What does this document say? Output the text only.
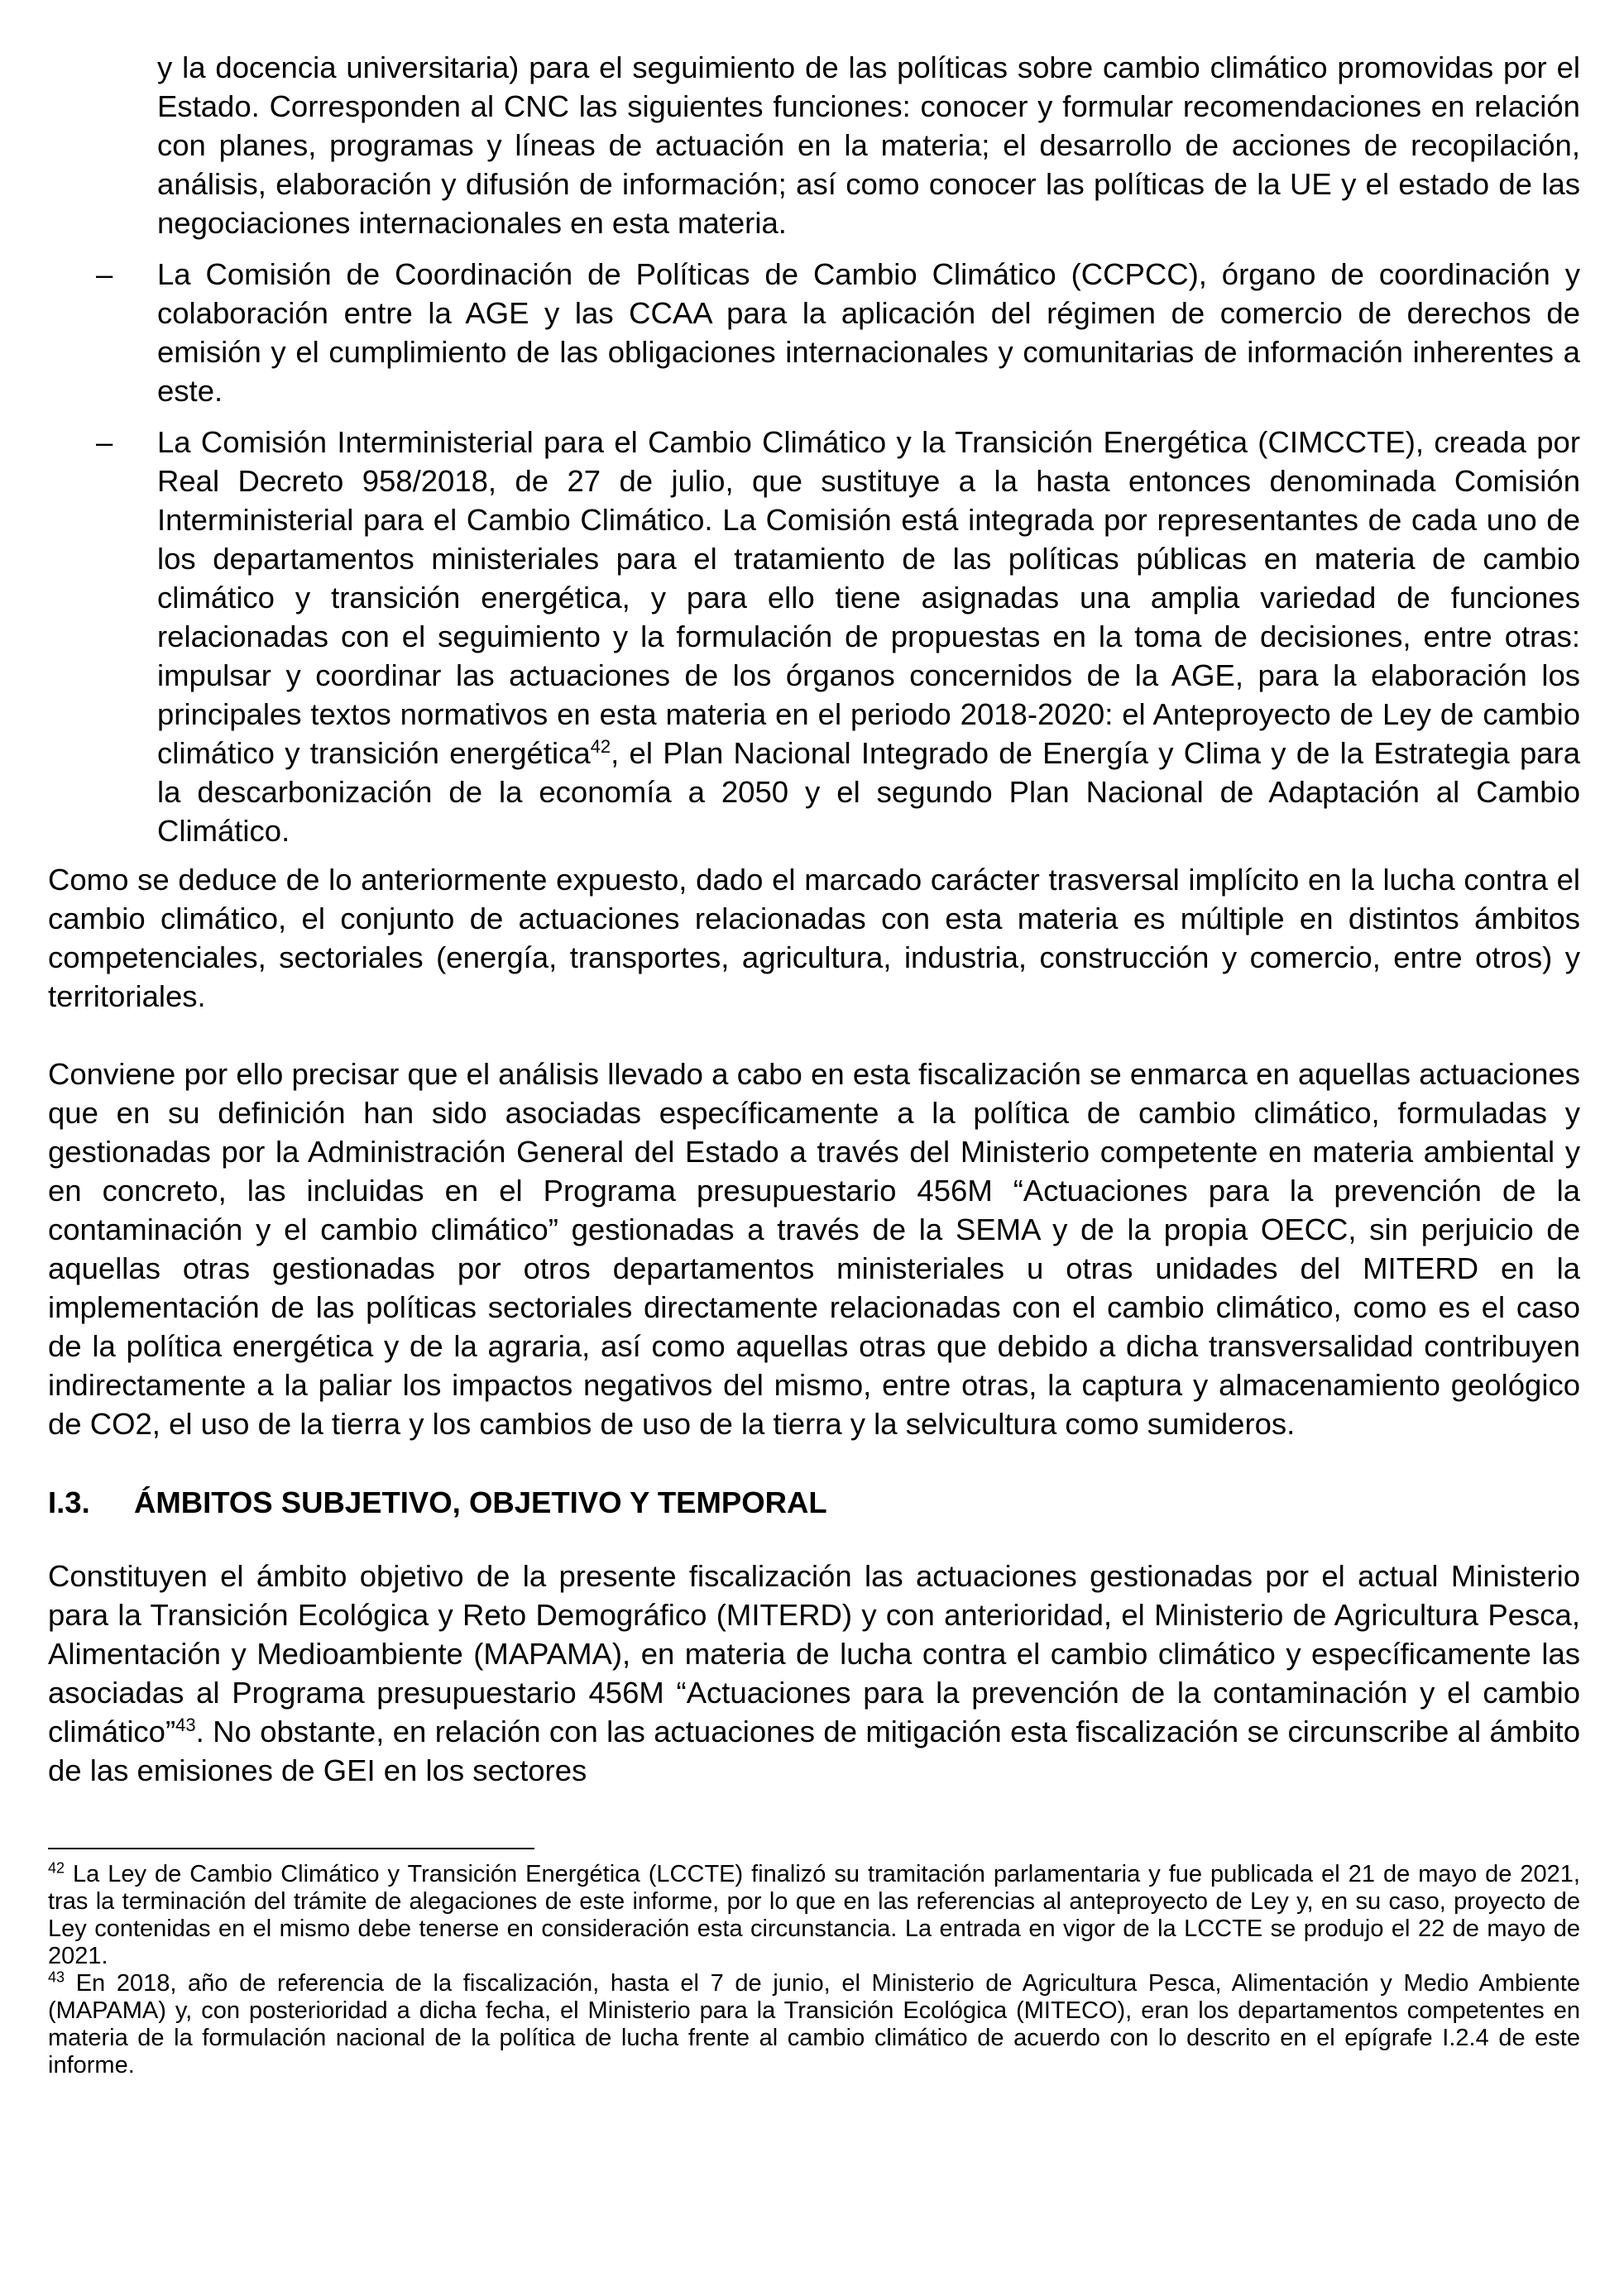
y la docencia universitaria) para el seguimiento de las políticas sobre cambio climático promovidas por el Estado. Corresponden al CNC las siguientes funciones: conocer y formular recomendaciones en relación con planes, programas y líneas de actuación en la materia; el desarrollo de acciones de recopilación, análisis, elaboración y difusión de información; así como conocer las políticas de la UE y el estado de las negociaciones internacionales en esta materia.

– La Comisión de Coordinación de Políticas de Cambio Climático (CCPCC), órgano de coordinación y colaboración entre la AGE y las CCAA para la aplicación del régimen de comercio de derechos de emisión y el cumplimiento de las obligaciones internacionales y comunitarias de información inherentes a este.

– La Comisión Interministerial para el Cambio Climático y la Transición Energética (CIMCCTE), creada por Real Decreto 958/2018, de 27 de julio, que sustituye a la hasta entonces denominada Comisión Interministerial para el Cambio Climático. La Comisión está integrada por representantes de cada uno de los departamentos ministeriales para el tratamiento de las políticas públicas en materia de cambio climático y transición energética, y para ello tiene asignadas una amplia variedad de funciones relacionadas con el seguimiento y la formulación de propuestas en la toma de decisiones, entre otras: impulsar y coordinar las actuaciones de los órganos concernidos de la AGE, para la elaboración los principales textos normativos en esta materia en el periodo 2018-2020: el Anteproyecto de Ley de cambio climático y transición energética$^{42}$, el Plan Nacional Integrado de Energía y Clima y de la Estrategia para la descarbonización de la economía a 2050 y el segundo Plan Nacional de Adaptación al Cambio Climático.

Como se deduce de lo anteriormente expuesto, dado el marcado carácter trasversal implícito en la lucha contra el cambio climático, el conjunto de actuaciones relacionadas con esta materia es múltiple en distintos ámbitos competenciales, sectoriales (energía, transportes, agricultura, industria, construcción y comercio, entre otros) y territoriales.

Conviene por ello precisar que el análisis llevado a cabo en esta fiscalización se enmarca en aquellas actuaciones que en su definición han sido asociadas específicamente a la política de cambio climático, formuladas y gestionadas por la Administración General del Estado a través del Ministerio competente en materia ambiental y en concreto, las incluidas en el Programa presupuestario 456M “Actuaciones para la prevención de la contaminación y el cambio climático” gestionadas a través de la SEMA y de la propia OECC, sin perjuicio de aquellas otras gestionadas por otros departamentos ministeriales u otras unidades del MITERD en la implementación de las políticas sectoriales directamente relacionadas con el cambio climático, como es el caso de la política energética y de la agraria, así como aquellas otras que debido a dicha transversalidad contribuyen indirectamente a la paliar los impactos negativos del mismo, entre otras, la captura y almacenamiento geológico de CO2, el uso de la tierra y los cambios de uso de la tierra y la selvicultura como sumideros.

I.3.	ÁMBITOS SUBJETIVO, OBJETIVO Y TEMPORAL

Constituyen el ámbito objetivo de la presente fiscalización las actuaciones gestionadas por el actual Ministerio para la Transición Ecológica y Reto Demográfico (MITERD) y con anterioridad, el Ministerio de Agricultura Pesca, Alimentación y Medioambiente (MAPAMA), en materia de lucha contra el cambio climático y específicamente las asociadas al Programa presupuestario 456M “Actuaciones para la prevención de la contaminación y el cambio climático”$^{43}$. No obstante, en relación con las actuaciones de mitigación esta fiscalización se circunscribe al ámbito de las emisiones de GEI en los sectores

$^{42}$ La Ley de Cambio Climático y Transición Energética (LCCTE) finalizó su tramitación parlamentaria y fue publicada el 21 de mayo de 2021, tras la terminación del trámite de alegaciones de este informe, por lo que en las referencias al anteproyecto de Ley y, en su caso, proyecto de Ley contenidas en el mismo debe tenerse en consideración esta circunstancia. La entrada en vigor de la LCCTE se produjo el 22 de mayo de 2021.

$^{43}$ En 2018, año de referencia de la fiscalización, hasta el 7 de junio, el Ministerio de Agricultura Pesca, Alimentación y Medio Ambiente (MAPAMA) y, con posterioridad a dicha fecha, el Ministerio para la Transición Ecológica (MITECO), eran los departamentos competentes en materia de la formulación nacional de la política de lucha frente al cambio climático de acuerdo con lo descrito en el epígrafe I.2.4 de este informe.
